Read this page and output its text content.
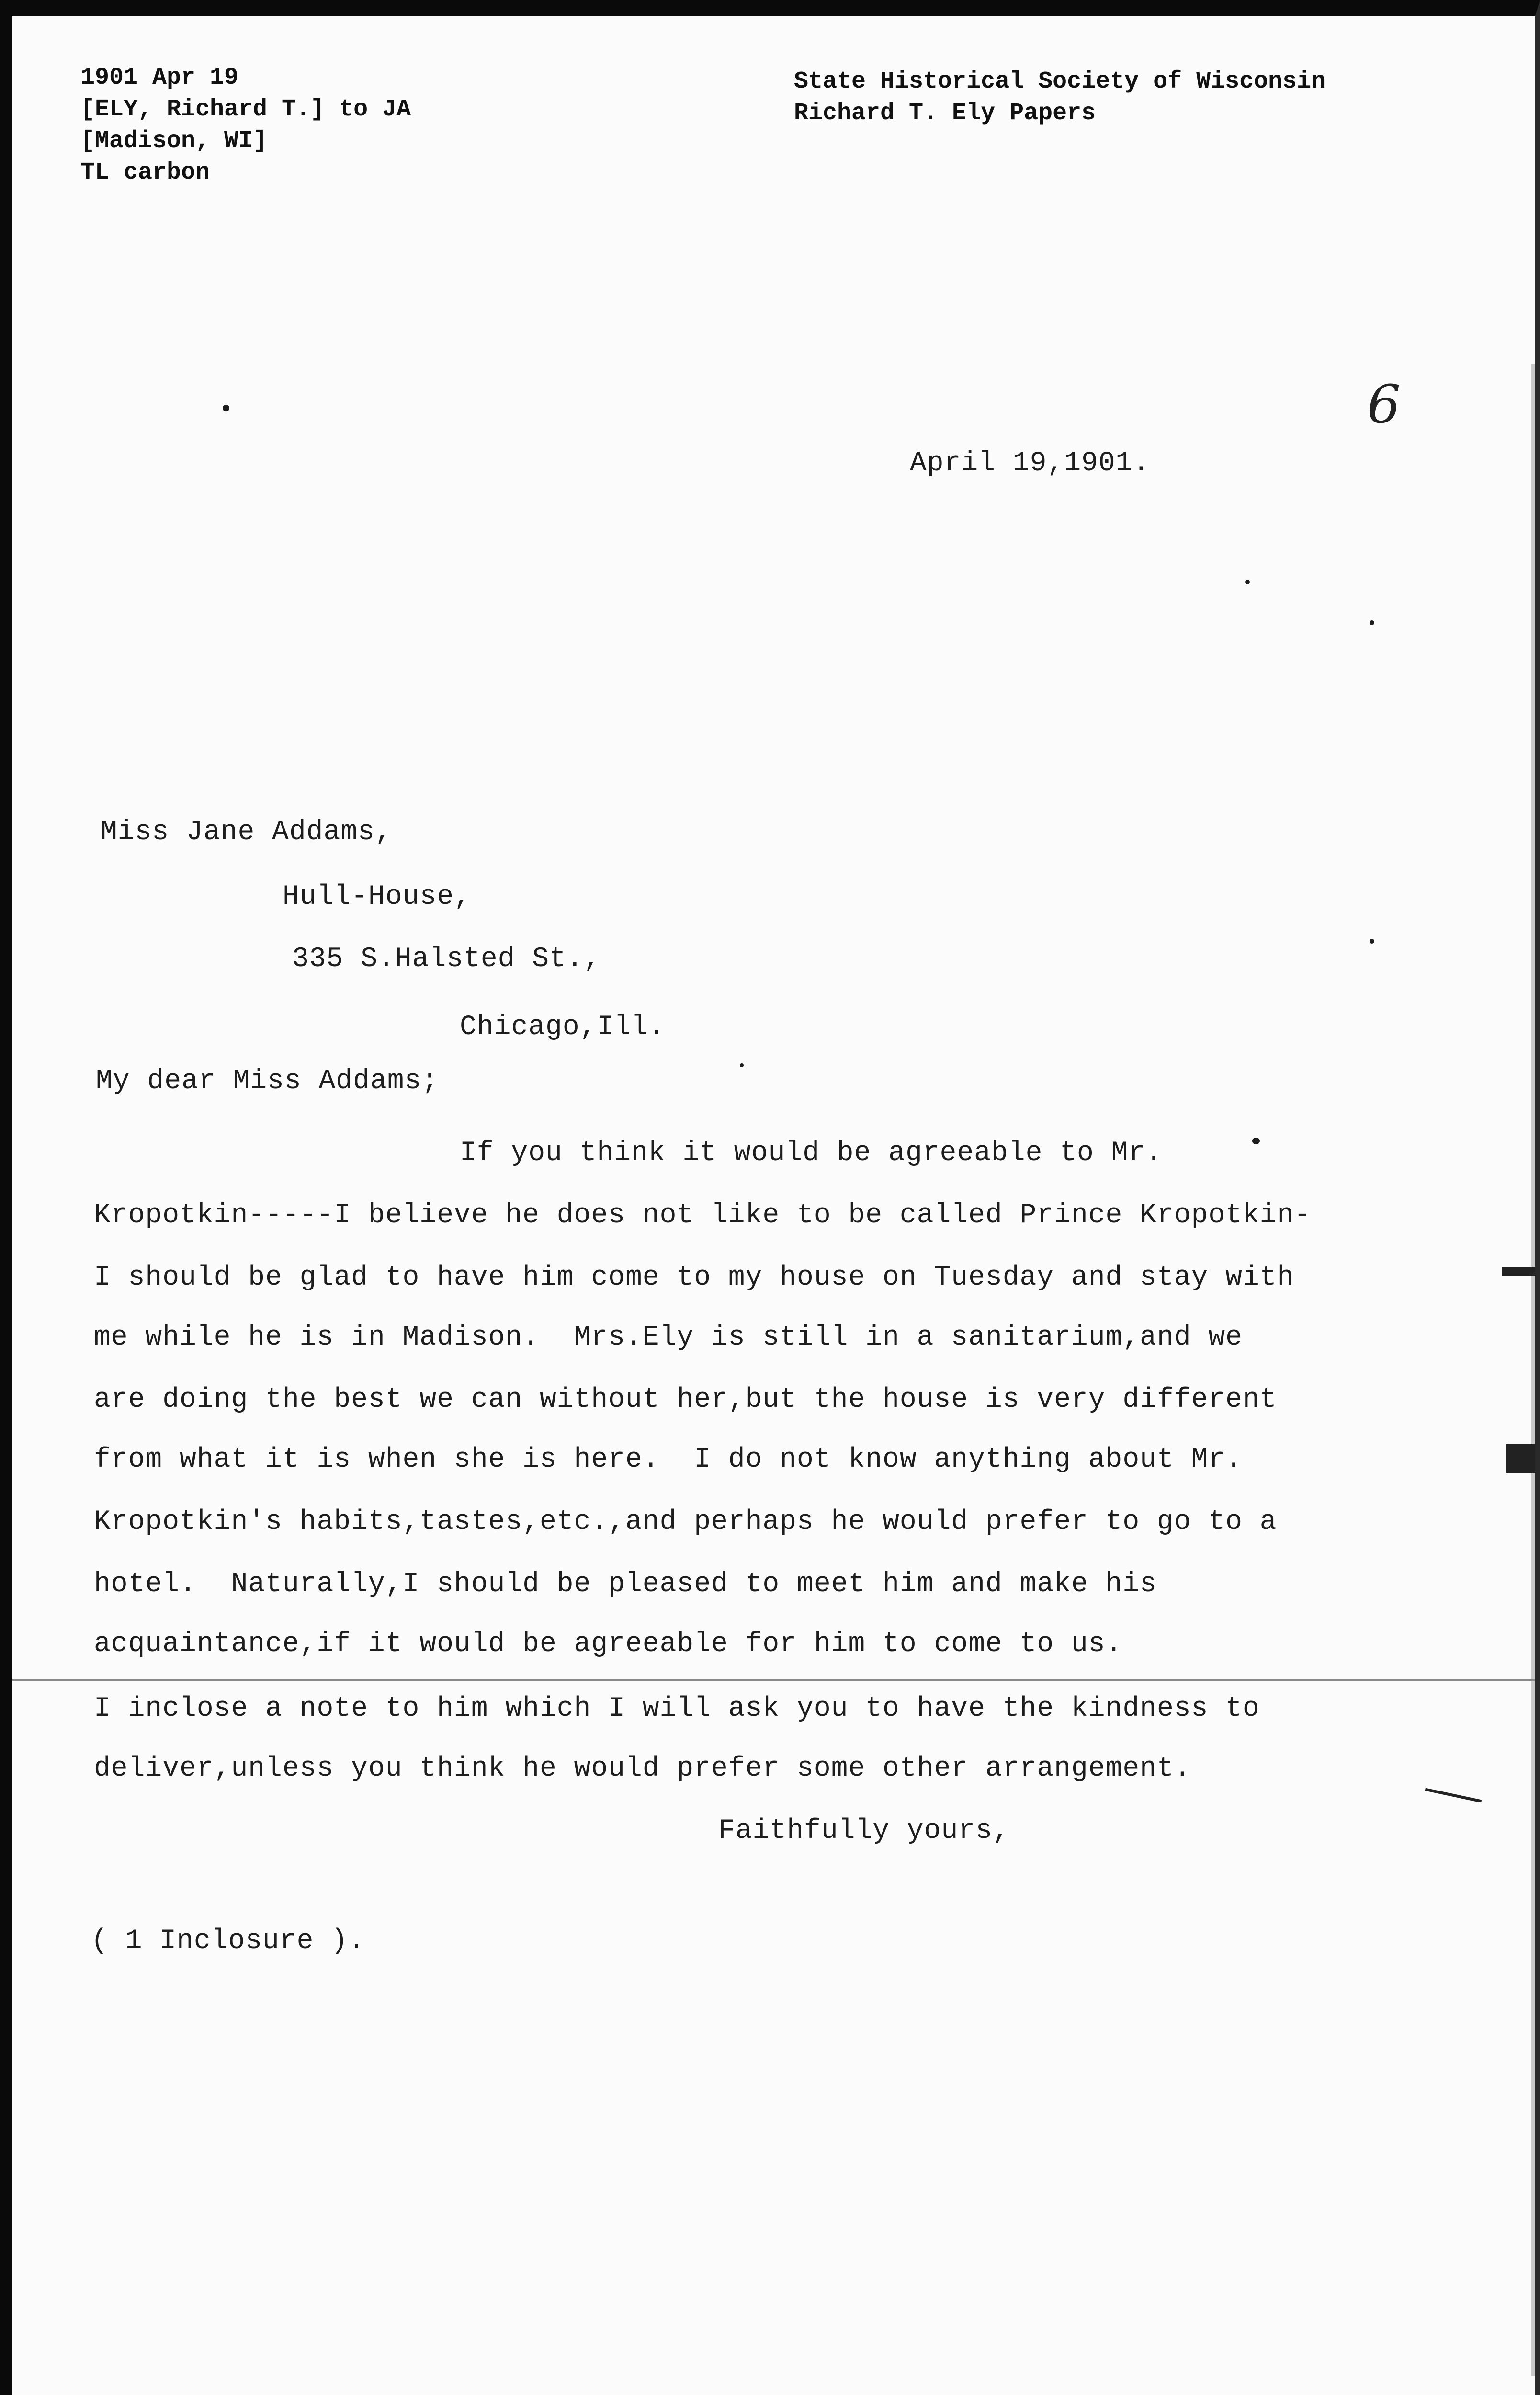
1901 Apr 19
[ELY, Richard T.] to JA
[Madison, WI]
TL carbon
State Historical Society of Wisconsin
Richard T. Ely Papers
6
April 19,1901.
Miss Jane Addams,
Hull-House,
335 S.Halsted St.,
Chicago,Ill.
My dear Miss Addams;
If you think it would be agreeable to Mr.
Kropotkin-----I believe he does not like to be called Prince Kropotkin-
I should be glad to have him come to my house on Tuesday and stay with
me while he is in Madison.  Mrs.Ely is still in a sanitarium,and we
are doing the best we can without her,but the house is very different
from what it is when she is here.  I do not know anything about Mr.
Kropotkin's habits,tastes,etc.,and perhaps he would prefer to go to a
hotel.  Naturally,I should be pleased to meet him and make his
acquaintance,if it would be agreeable for him to come to us.
I inclose a note to him which I will ask you to have the kindness to
deliver,unless you think he would prefer some other arrangement.
Faithfully yours,
( 1 Inclosure ).
